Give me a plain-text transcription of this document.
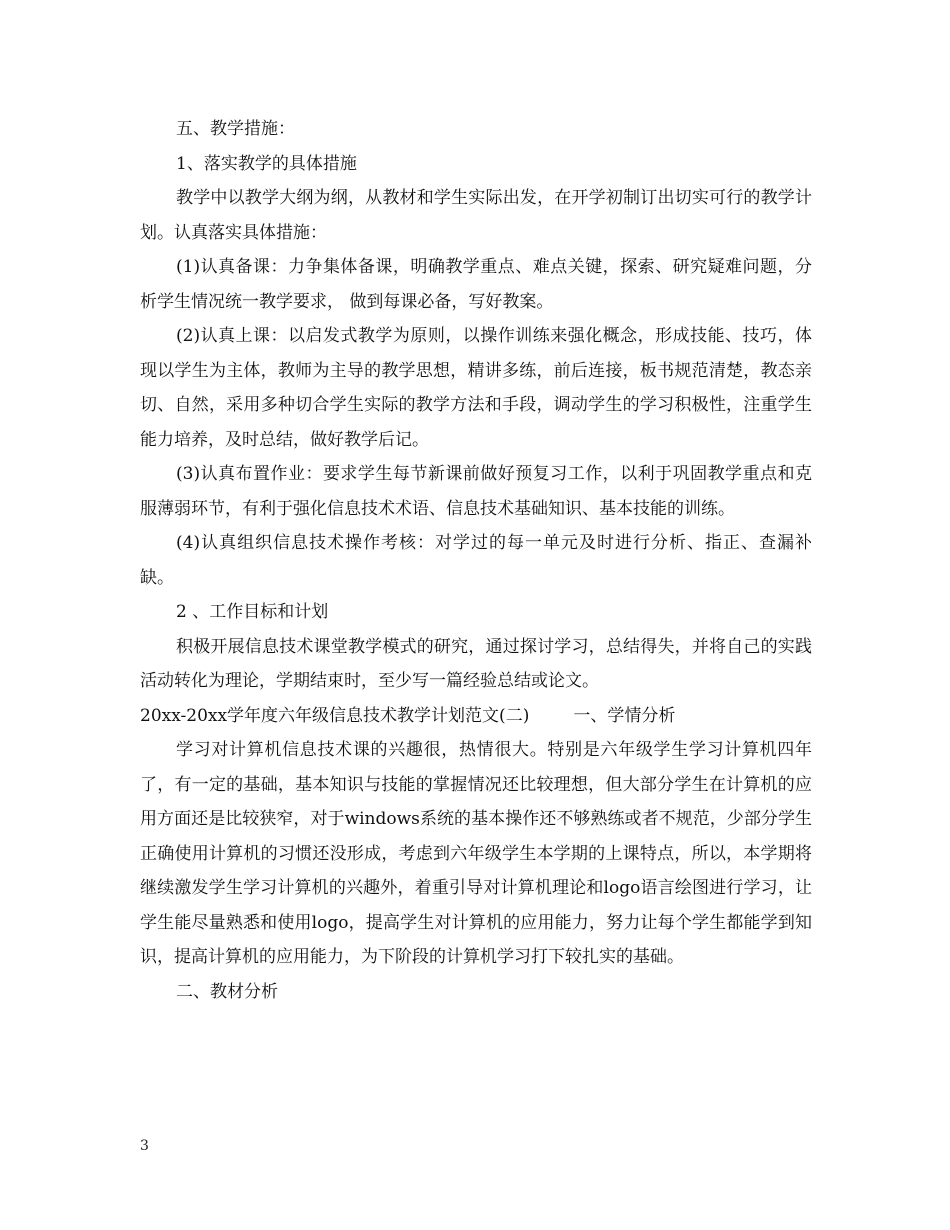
五、教学措施：

1、落实教学的具体措施

教学中以教学大纲为纲，从教材和学生实际出发，在开学初制订出切实可行的教学计划。认真落实具体措施：

(1)认真备课：力争集体备课，明确教学重点、难点关键，探索、研究疑难问题，分析学生情况统一教学要求， 做到每课必备，写好教案。

(2)认真上课：以启发式教学为原则，以操作训练来强化概念，形成技能、技巧，体现以学生为主体，教师为主导的教学思想，精讲多练，前后连接，板书规范清楚，教态亲切、自然，采用多种切合学生实际的教学方法和手段，调动学生的学习积极性，注重学生能力培养，及时总结，做好教学后记。

(3)认真布置作业：要求学生每节新课前做好预复习工作，以利于巩固教学重点和克服薄弱环节，有利于强化信息技术术语、信息技术基础知识、基本技能的训练。

(4)认真组织信息技术操作考核：对学过的每一单元及时进行分析、指正、查漏补缺。

2 、工作目标和计划

积极开展信息技术课堂教学模式的研究，通过探讨学习，总结得失，并将自己的实践活动转化为理论，学期结束时，至少写一篇经验总结或论文。

20xx-20xx学年度六年级信息技术教学计划范文(二)	一、学情分析

学习对计算机信息技术课的兴趣很，热情很大。特别是六年级学生学习计算机四年了，有一定的基础，基本知识与技能的掌握情况还比较理想，但大部分学生在计算机的应用方面还是比较狭窄，对于windows系统的基本操作还不够熟练或者不规范，少部分学生正确使用计算机的习惯还没形成，考虑到六年级学生本学期的上课特点，所以，本学期将继续激发学生学习计算机的兴趣外，着重引导对计算机理论和logo语言绘图进行学习，让学生能尽量熟悉和使用logo，提高学生对计算机的应用能力，努力让每个学生都能学到知识，提高计算机的应用能力，为下阶段的计算机学习打下较扎实的基础。

二、教材分析

3
